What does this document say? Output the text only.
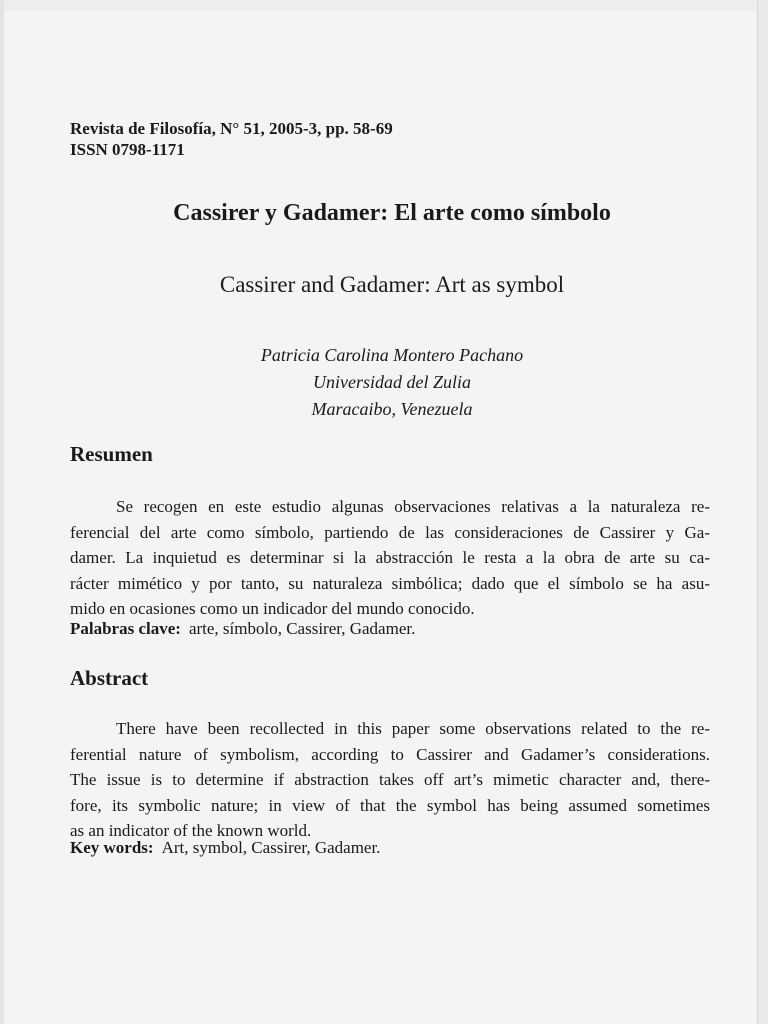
Revista de Filosofía, N° 51, 2005-3, pp. 58-69
ISSN 0798-1171
Cassirer y Gadamer: El arte como símbolo
Cassirer and Gadamer: Art as symbol
Patricia Carolina Montero Pachano
Universidad del Zulia
Maracaibo, Venezuela
Resumen
Se recogen en este estudio algunas observaciones relativas a la naturaleza re-
ferencial del arte como símbolo, partiendo de las consideraciones de Cassirer y Ga-
damer. La inquietud es determinar si la abstracción le resta a la obra de arte su ca-
rácter mimético y por tanto, su naturaleza simbólica; dado que el símbolo se ha asu-
mido en ocasiones como un indicador del mundo conocido.
Palabras clave: arte, símbolo, Cassirer, Gadamer.
Abstract
There have been recollected in this paper some observations related to the re-
ferential nature of symbolism, according to Cassirer and Gadamer’s considerations.
The issue is to determine if abstraction takes off art’s mimetic character and, there-
fore, its symbolic nature; in view of that the symbol has being assumed sometimes
as an indicator of the known world.
Key words: Art, symbol, Cassirer, Gadamer.
